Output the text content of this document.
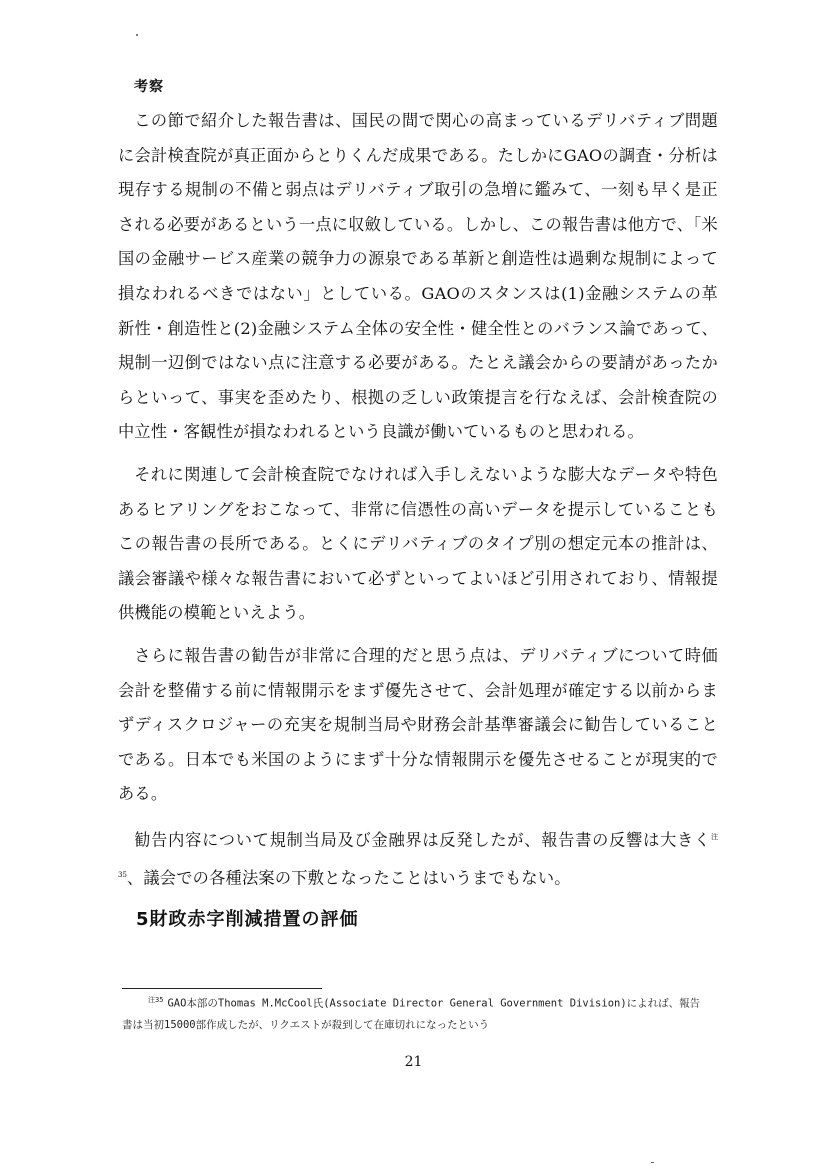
考察

この節で紹介した報告書は、国民の間で関心の高まっているデリバティブ問題に会計検査院が真正面からとりくんだ成果である。たしかにGAOの調査・分析は現存する規制の不備と弱点はデリバティブ取引の急増に鑑みて、一刻も早く是正される必要があるという一点に収斂している。しかし、この報告書は他方で、「米国の金融サービス産業の競争力の源泉である革新と創造性は過剰な規制によって損なわれるべきではない」としている。GAOのスタンスは(1)金融システムの革新性・創造性と(2)金融システム全体の安全性・健全性とのバランス論であって、規制一辺倒ではない点に注意する必要がある。たとえ議会からの要請があったからといって、事実を歪めたり、根拠の乏しい政策提言を行なえば、会計検査院の中立性・客観性が損なわれるという良識が働いているものと思われる。

それに関連して会計検査院でなければ入手しえないような膨大なデータや特色あるヒアリングをおこなって、非常に信憑性の高いデータを提示していることもこの報告書の長所である。とくにデリバティブのタイプ別の想定元本の推計は、議会審議や様々な報告書において必ずといってよいほど引用されており、情報提供機能の模範といえよう。

さらに報告書の勧告が非常に合理的だと思う点は、デリバティブについて時価会計を整備する前に情報開示をまず優先させて、会計処理が確定する以前からまずディスクロジャーの充実を規制当局や財務会計基準審議会に勧告していることである。日本でも米国のようにまず十分な情報開示を優先させることが現実的である。

勧告内容について規制当局及び金融界は反発したが、報告書の反響は大きく$^{注35}$、議会での各種法案の下敷となったことはいうまでもない。

5財政赤字削減措置の評価
$^{注35}$ GAO本部のThomas M.McCool氏(Associate Director General Government Division)によれば、報告書は当初15000部作成したが、リクエストが殺到して在庫切れになったという
21
